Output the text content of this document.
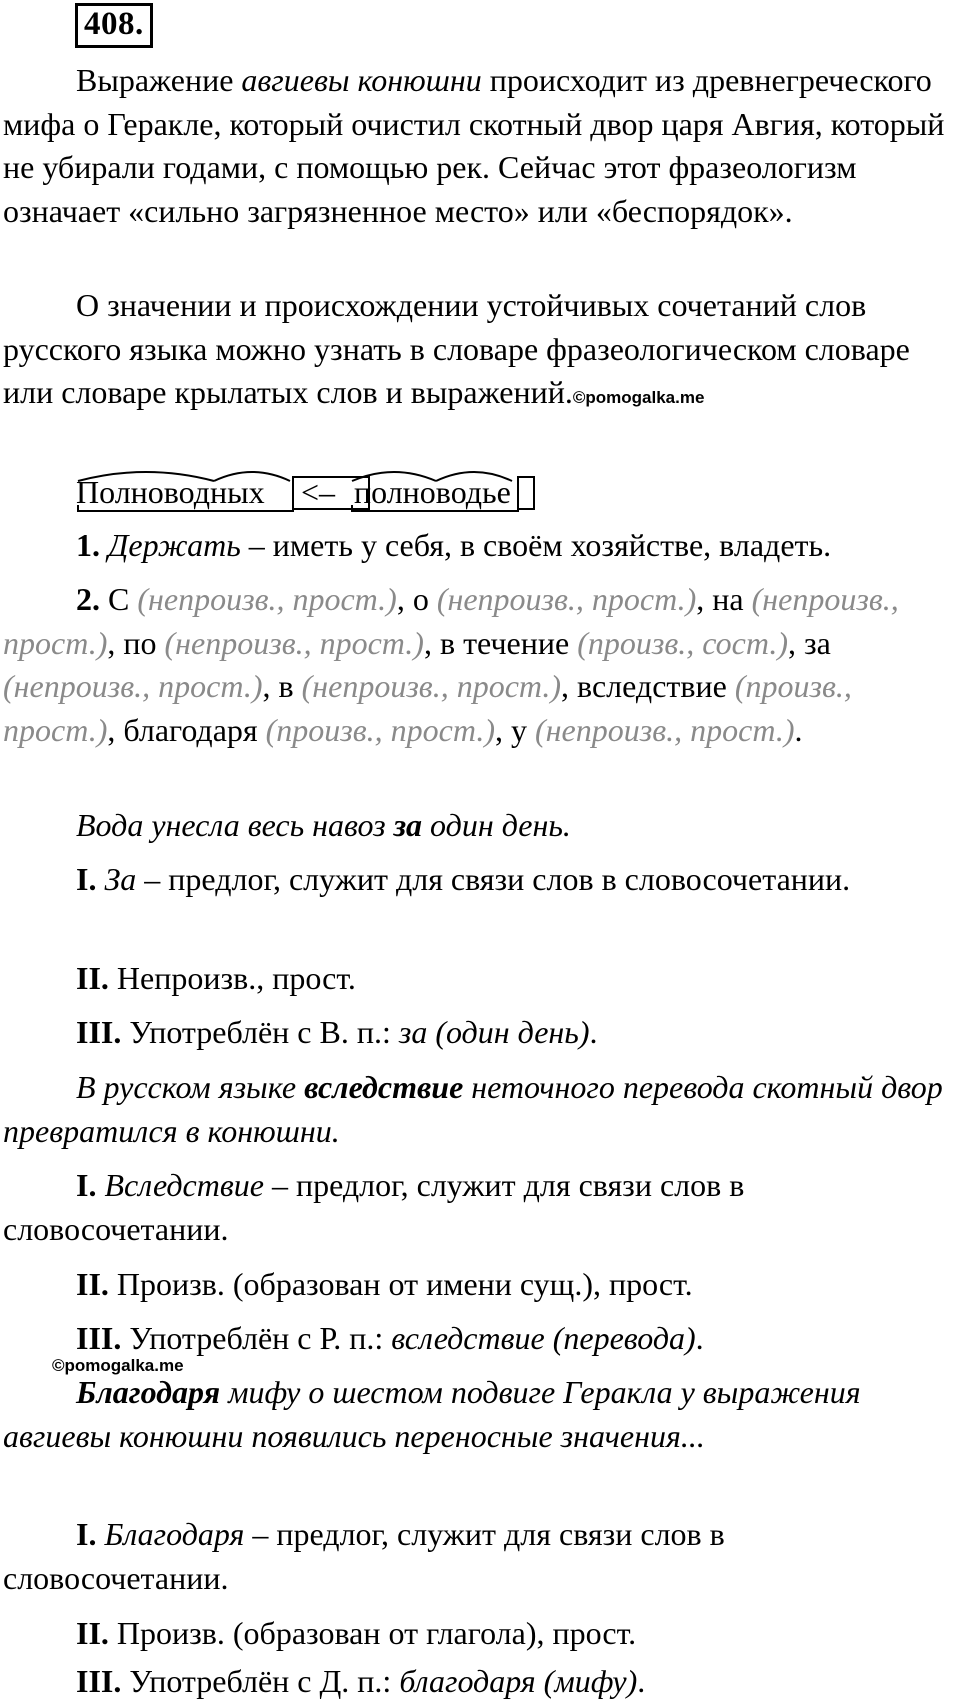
408.

Выражение авгиевы конюшни происходит из древнегреческого мифа о Геракле, который очистил скотный двор царя Авгия, который не убирали годами, с помощью рек. Сейчас этот фразеологизм означает «сильно загрязненное место» или «беспорядок».

О значении и происхождении устойчивых сочетаний слов русского языка можно узнать в словаре фразеологическом словаре или словаре крылатых слов и выражений.©pomogalka.me

Полноводных <– полноводье

1. Держать – иметь у себя, в своём хозяйстве, владеть.

2. С (непроизв., прост.), о (непроизв., прост.), на (непроизв., прост.), по (непроизв., прост.), в течение (произв., сост.), за (непроизв., прост.), в (непроизв., прост.), вследствие (произв., прост.), благодаря (произв., прост.), у (непроизв., прост.).

Вода унесла весь навоз за один день.

I. За – предлог, служит для связи слов в словосочетании.

II. Непроизв., прост.

III. Употреблён с В. п.: за (один день).

В русском языке вследствие неточного перевода скотный двор превратился в конюшни.

I. Вследствие – предлог, служит для связи слов в словосочетании.

II. Произв. (образован от имени сущ.), прост.

III. Употреблён с Р. п.: вследствие (перевода).

©pomogalka.me

Благодаря мифу о шестом подвиге Геракла у выражения авгиевы конюшни появились переносные значения...

I. Благодаря – предлог, служит для связи слов в словосочетании.

II. Произв. (образован от глагола), прост.

III. Употреблён с Д. п.: благодаря (мифу).
